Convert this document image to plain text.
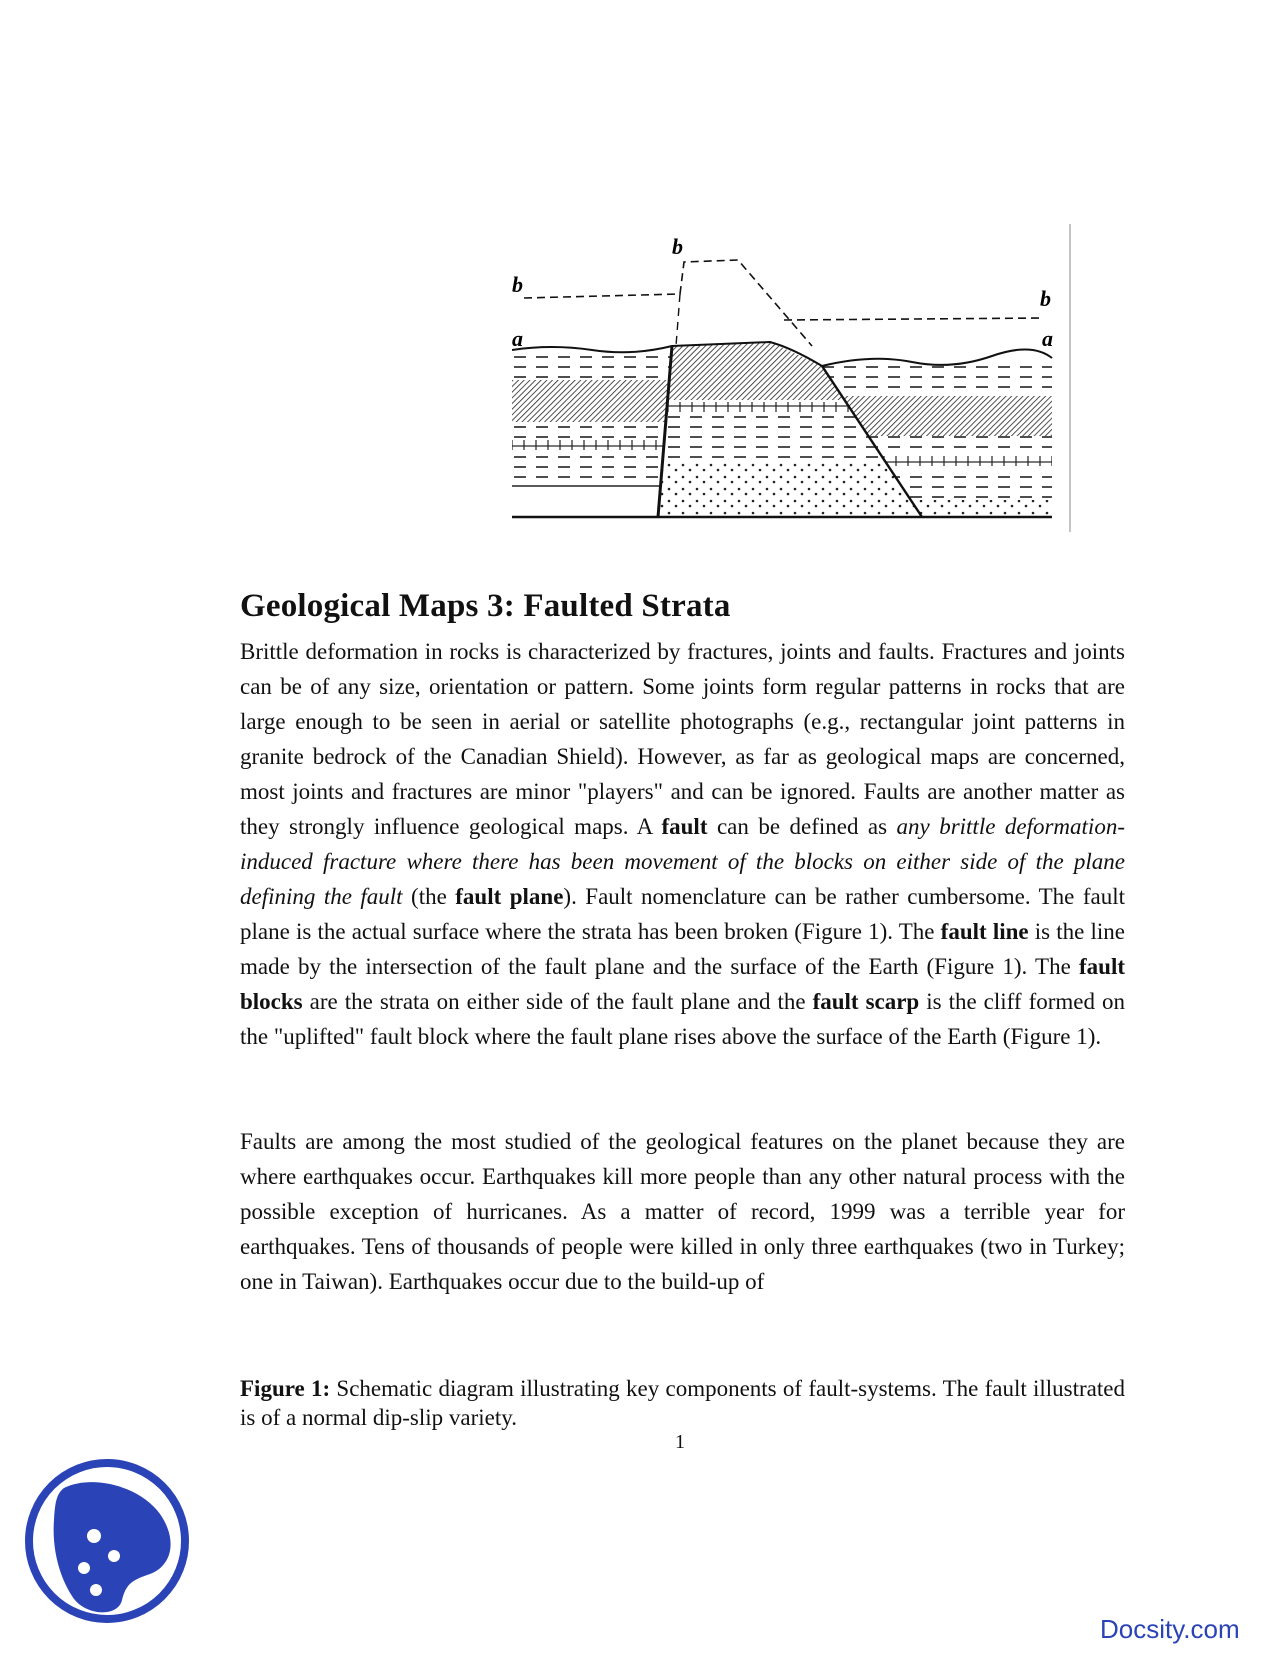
b
b
b
a	a
Geological Maps 3: Faulted Strata

Brittle deformation in rocks is characterized by fractures, joints and faults. Fractures and joints can be of any size, orientation or pattern. Some joints form regular patterns in rocks that are large enough to be seen in aerial or satellite photographs (e.g., rectangular joint patterns in granite bedrock of the Canadian Shield). However, as far as geological maps are concerned, most joints and fractures are minor "players" and can be ignored. Faults are another matter as they strongly influence geological maps. A fault can be defined as any brittle deformation-induced fracture where there has been movement of the blocks on either side of the plane defining the fault (the fault plane). Fault nomenclature can be rather cumbersome. The fault plane is the actual surface where the strata has been broken (Figure 1). The fault line is the line made by the intersection of the fault plane and the surface of the Earth (Figure 1). The fault blocks are the strata on either side of the fault plane and the fault scarp is the cliff formed on the "uplifted" fault block where the fault plane rises above the surface of the Earth (Figure 1).

Faults are among the most studied of the geological features on the planet because they are where earthquakes occur. Earthquakes kill more people than any other natural process with the possible exception of hurricanes. As a matter of record, 1999 was a terrible year for earthquakes. Tens of thousands of people were killed in only three earthquakes (two in Turkey; one in Taiwan). Earthquakes occur due to the build-up of

Figure 1: Schematic diagram illustrating key components of fault-systems. The fault illustrated is of a normal dip-slip variety.

1
Docsity.com
